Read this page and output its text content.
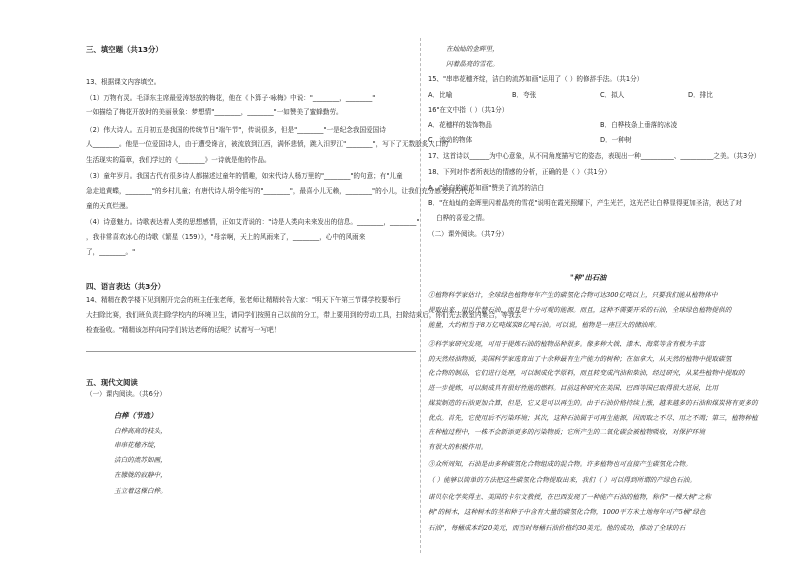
三、填空题（共13分）
13、根据课文内容填空。
（1）万物有灵。毛泽东主席最爱涛怒放的梅花，他在《卜算子·咏梅》中说："________，________"
一如描绘了梅花开放时的美丽景象：梦想情"________，________"一如赞美了蜜蜂勤劳。
（2）伟大诗人。五月初五是我国的传统节日"端午节"，传说很多，但是"________"一是纪念我国爱国诗
人________。他是一位爱国诗人，由于遭受谗言，被流放到江西，满怀悲愤，跳入汨罗江"________"，写下了无数脍炙人口的
生活现实的篇章，我们学过的《________》一诗就是他的作品。
（3）童年岁月。我国古代有很多诗人都描述过童年的情趣，如宋代诗人杨万里的"________"的句意；有"儿童
急走追黄蝶，________"的乡村儿童；有唐代诗人胡令能写的"________"，最喜小儿无赖，________"的小儿，让我们充分感受到古代儿
童的天真烂漫。
（4）诗意魅力。诗歌表达着人类的思想感情，正如艾青说的："诗是人类向未来发出的信息。________，________"
，我非常喜欢冰心的诗歌《繁星（159）》，"母亲啊，天上的风雨来了，________，心中的风雨来
了，________。"
四、语言表达（共3分）
14、精精在教学楼下见到刚开完会的班主任张老师，张老师让精精转告大家："明天下午第三节课学校要举行
大扫除比赛，我们班负责扫除学校内的环境卫生，请同学们按照自己以前的分工，带上要用到的劳动工具，扫除结束后，你们先去教室内集合，等我去
检查验收。"精精该怎样向同学们转达老师的话呢？试着写一写吧！
五、现代文阅读
（一）课内阅读。（共6分）
白桦（节选）
白桦高高的枝头，
串串花穗齐绽，
洁白的流苏如画，
在朦胧的寂静中，
玉立着这棵白桦。
在灿灿的金晖里，
闪着晶亮的雪花。
15、"串串花穗齐绽，洁白的流苏如画"运用了（ ）的修辞手法。（共1分）
A．比喻	B．夸张	C．拟人	D．排比
16"在文中指（ ）（共1分）
A．花穗样的装饰物品	B．白桦枝条上垂落的冰凌
C．流动的物体	D．一种树
17、这首诗以______为中心意象，从不同角度描写它的姿态，表现出一种__________、__________之美。（共3分）
18、下列对作者所表达的情感的分析，正确的是（ ）（共1分）
A．"洁白的流苏如画"赞美了流苏的洁白
B．"在灿灿的金晖里闪着晶亮的雪花"说明在霞光照耀下，产生光芒，这光芒让白桦显得更加圣洁，表达了对
白桦的喜爱之情。
（二）课外阅读。（共7分）
"种"出石油
①植物科学家估计，全球绿色植物每年产生的碳氢化合物可达300亿吨以上，只要我们能从植物体中
提取出来，用以代替石油，而且是十分可观的能源。而且，这种不需要开采的石油，全球绿色植物提供的
能量，大约相当于8万亿吨煤炭8亿吨石油。可以说，植物是一座巨大的储油库。
②科学家研究发现，可用于提炼石油的植物品种很多。像多种大戟、漆木、海棠等含有极为丰富
的天然烃油物质，美国科学家选育出了十余种最有生产能力的树种；在加拿大，从天然的植物中提取碳氢
化合物的制品，它们进行处理，可以制成化学原料，而且转变成汽油和柴油，经过研究，从某些植物中提取的
进一步提炼，可以制成具有很好性能的燃料。目前这种研究在美国、巴西等国已取得很大进展，比用
煤炭制造的石油更加合算，但是，它又是可以再生的。由于石油价格持续上涨，越来越多的石油和煤炭将有更多的
优点。首先，它使用后不污染环境；其次，这种石油属于可再生能源，因而取之不尽、用之不竭；第三，植物种植
在种植过程中，一株不会新添更多的污染物质；它所产生的二氧化碳会被植物吸收，对保护环境
有很大的积极作用。
③众所周知，石油是由多种碳氢化合物组成的混合物。许多植物也可直接产生碳氢化合物。
（ ）能够以简单的方法把这些碳氢化合物提取出来，我们（ ）可以得到所谓的产绿色石油。
诺贝尔化学奖得主、美国的卡尔文教授，在巴西发现了一种能产石油的植物，称作"一棵大树"之称
树"的树木，这种树木的茎和种子中含有大量的碳氢化合物，1000平方米土地每年可产5桶"绿色
石油"，每桶成本约20美元，而当时每桶石油价格约30美元。他的成功，推动了全球的石
